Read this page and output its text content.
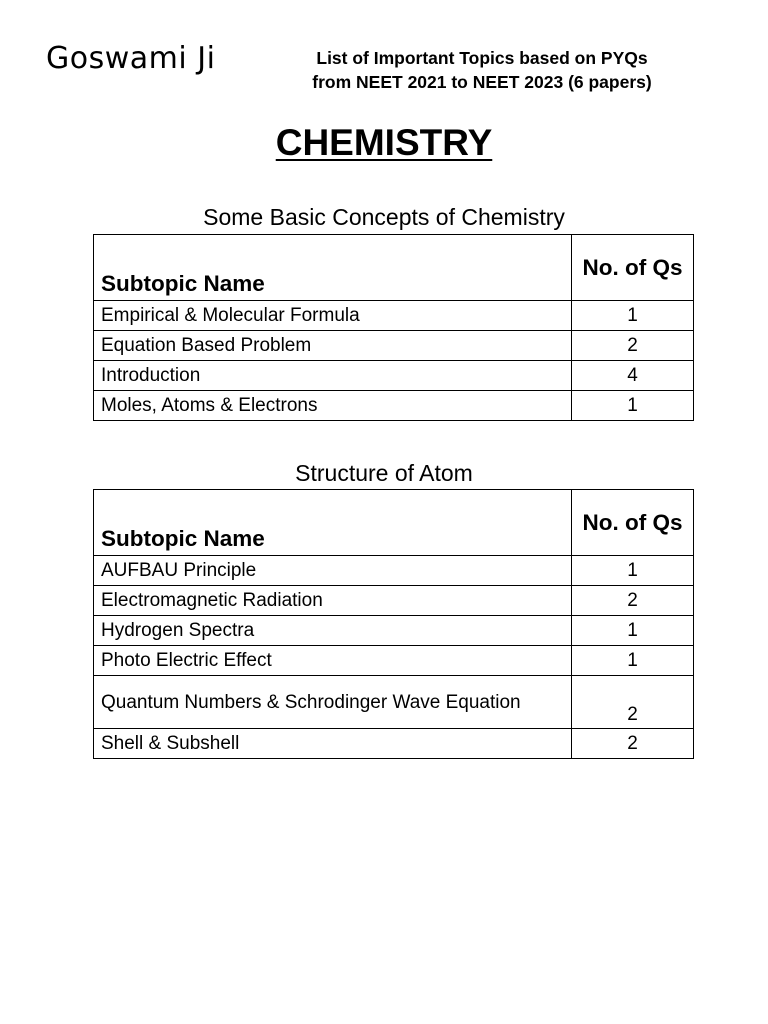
Goswami Ji	List of Important Topics based on PYQs
from NEET 2021 to NEET 2023 (6 papers)
CHEMISTRY
Some Basic Concepts of Chemistry
Subtopic Name	No. of Qs
Empirical & Molecular Formula	1
Equation Based Problem	2
Introduction	4
Moles, Atoms & Electrons	1
Structure of Atom
Subtopic Name	No. of Qs
AUFBAU Principle	1
Electromagnetic Radiation	2
Hydrogen Spectra	1
Photo Electric Effect	1
Quantum Numbers & Schrodinger Wave Equation	2
Shell & Subshell	2
